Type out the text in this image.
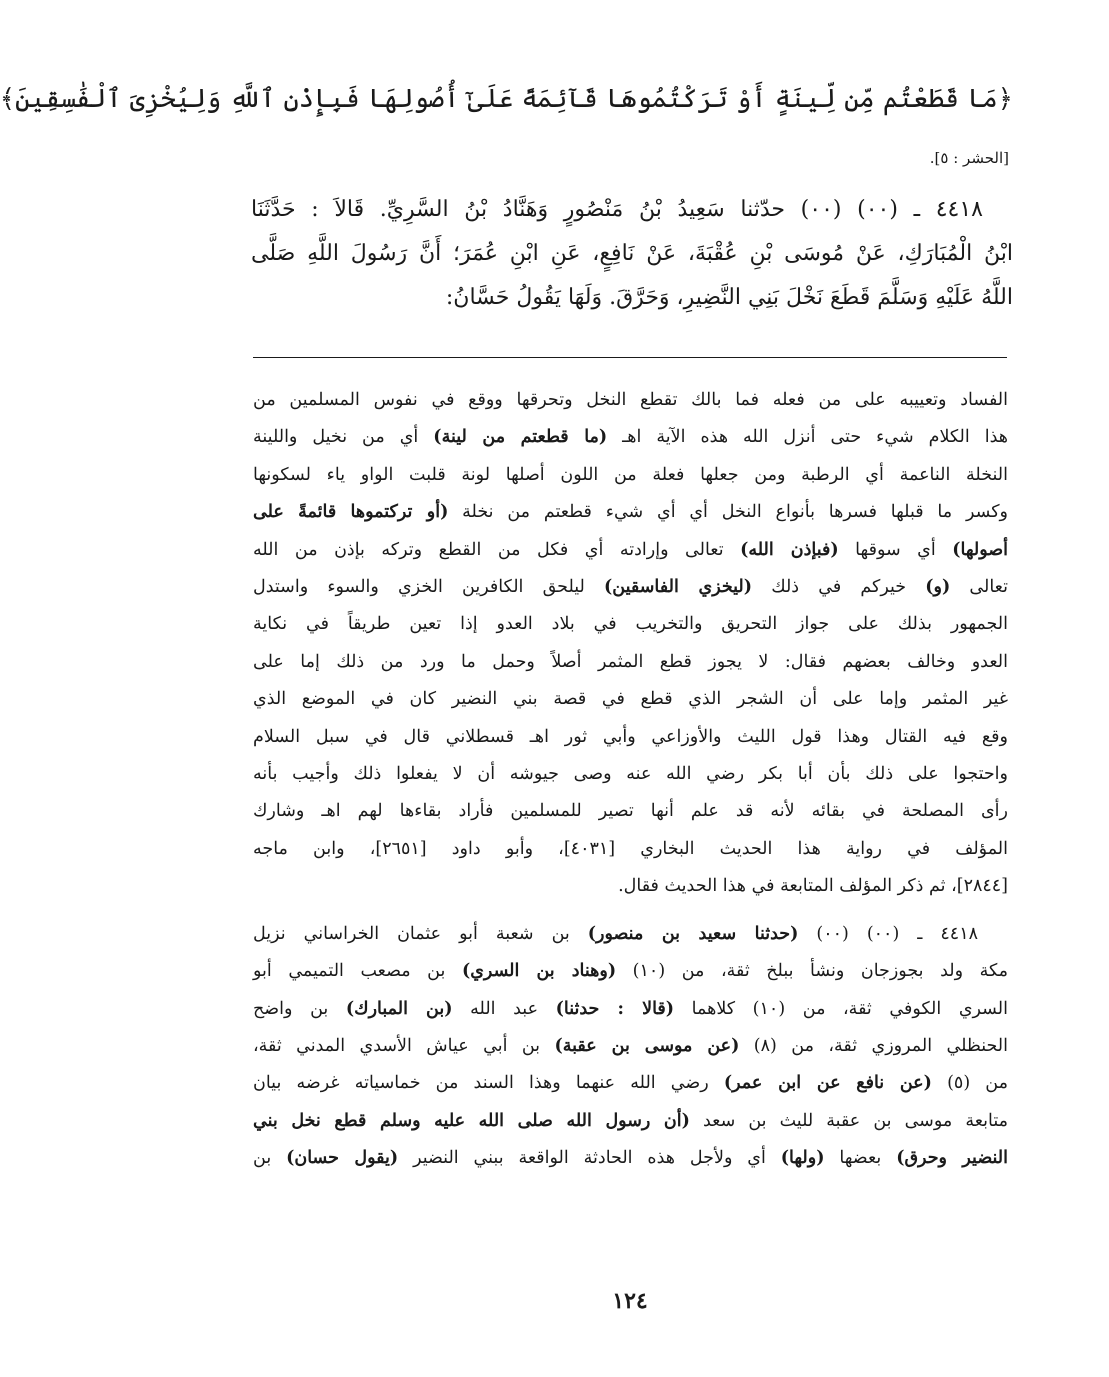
﴿مَا قَطَعْتُم مِّن لِّينَةٍ أَوْ تَرَكْتُمُوهَا قَآئِمَةً عَلَىٰٓ أُصُولِهَا فَبِإِذْنِ ٱللَّهِ وَلِيُخْزِىَ ٱلْفَٰسِقِينَ﴾
[الحشر : ٥].

٤٤١٨ ـ (٠٠) (٠٠) حدّثنا سَعِيدُ بْنُ مَنْصُورٍ وَهَنَّادُ بْنُ السَّرِيِّ. قَالاَ : حَدَّثَنَا

ابْنُ الْمُبَارَكِ، عَنْ مُوسَى بْنِ عُقْبَةَ، عَنْ نَافِعٍ، عَنِ ابْنِ عُمَرَ؛ أَنَّ رَسُولَ اللَّهِ صَلَّى

اللَّهُ عَلَيْهِ وَسَلَّمَ قَطَعَ نَخْلَ بَنِي النَّضِيرِ، وَحَرَّقَ. وَلَهَا يَقُولُ حَسَّانُ:

الفساد وتعييبه على من فعله فما بالك تقطع النخل وتحرقها ووقع في نفوس المسلمين من
هذا الكلام شيء حتى أنزل الله هذه الآية اهـ (ما قطعتم من لينة) أي من نخيل واللينة
النخلة الناعمة أي الرطبة ومن جعلها فعلة من اللون أصلها لونة قلبت الواو ياء لسكونها
وكسر ما قبلها فسرها بأنواع النخل أي أي شيء قطعتم من نخلة (أو تركتموها قائمةً على
أصولها) أي سوقها (فبإذن الله) تعالى وإرادته أي فكل من القطع وتركه بإذن من الله
تعالى (و) خيركم في ذلك (ليخزي الفاسقين) ليلحق الكافرين الخزي والسوء واستدل
الجمهور بذلك على جواز التحريق والتخريب في بلاد العدو إذا تعين طريقاً في نكاية
العدو وخالف بعضهم فقال: لا يجوز قطع المثمر أصلاً وحمل ما ورد من ذلك إما على
غير المثمر وإما على أن الشجر الذي قطع في قصة بني النضير كان في الموضع الذي
وقع فيه القتال وهذا قول الليث والأوزاعي وأبي ثور اهـ قسطلاني قال في سبل السلام
واحتجوا على ذلك بأن أبا بكر رضي الله عنه وصى جيوشه أن لا يفعلوا ذلك وأجيب بأنه
رأى المصلحة في بقائه لأنه قد علم أنها تصير للمسلمين فأراد بقاءها لهم اهـ وشارك
المؤلف في رواية هذا الحديث البخاري [٤٠٣١]، وأبو داود [٢٦٥١]، وابن ماجه
[٢٨٤٤]، ثم ذكر المؤلف المتابعة في هذا الحديث فقال.

٤٤١٨ ـ (٠٠) (٠٠) (حدثنا سعيد بن منصور) بن شعبة أبو عثمان الخراساني نزيل
مكة ولد بجوزجان ونشأ ببلخ ثقة، من (١٠) (وهناد بن السري) بن مصعب التميمي أبو
السري الكوفي ثقة، من (١٠) كلاهما (قالا : حدثنا) عبد الله (بن المبارك) بن واضح
الحنظلي المروزي ثقة، من (٨) (عن موسى بن عقبة) بن أبي عياش الأسدي المدني ثقة،
من (٥) (عن نافع عن ابن عمر) رضي الله عنهما وهذا السند من خماسياته غرضه بيان
متابعة موسى بن عقبة لليث بن سعد (أن رسول الله صلى الله عليه وسلم قطع نخل بني
النضير وحرق) بعضها (ولها) أي ولأجل هذه الحادثة الواقعة ببني النضير (يقول حسان) بن

١٢٤
